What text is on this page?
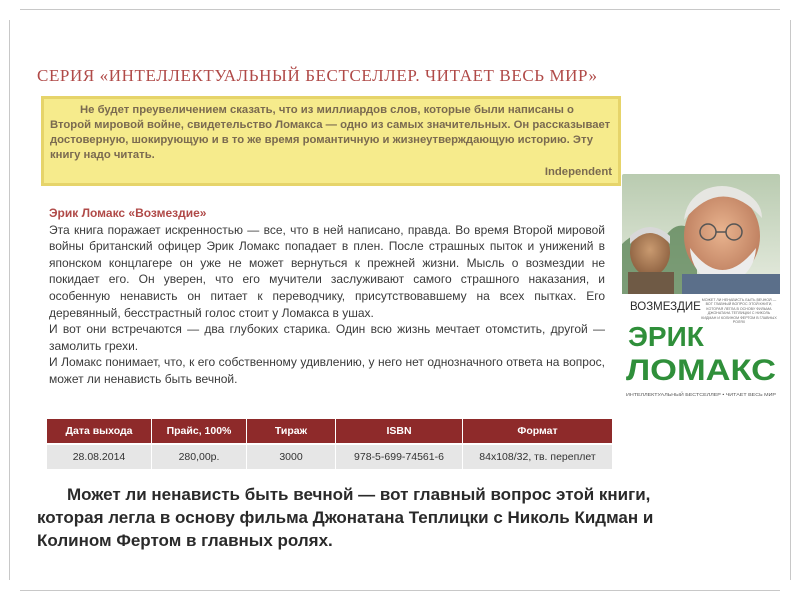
СЕРИЯ «ИНТЕЛЛЕКТУАЛЬНЫЙ БЕСТСЕЛЛЕР. ЧИТАЕТ ВЕСЬ МИР»
Не будет преувеличением сказать, что из миллиардов слов, которые были написаны о Второй мировой войне, свидетельство Ломакса — одно из самых значительных. Он рассказывает достоверную, шокирующую и в то же время романтичную и жизнеутверждающую историю. Эту книгу надо читать.
Independent
Эрик Ломакс «Возмездие»

Эта книга поражает искренностью — все, что в ней написано, правда. Во время Второй мировой войны британский офицер Эрик Ломакс попадает в плен. После страшных пыток и унижений в японском концлагере он уже не может вернуться к прежней жизни. Мысль о возмездии не покидает его. Он уверен, что его мучители заслуживают самого страшного наказания, и особенную ненависть он питает к переводчику, присутствовавшему на всех пытках. Его деревянный, бесстрастный голос стоит у Ломакса в ушах.

И вот они встречаются — два глубоких старика. Один всю жизнь мечтает отомстить, другой — замолить грехи.

И Ломакс понимает, что, к его собственному удивлению, у него нет однозначного ответа на вопрос, может ли ненависть быть вечной.

ВОЗМЕЗДИЕ
ЭРИК
ЛОМАКС
ИНТЕЛЛЕКТУАЛЬНЫЙ БЕСТСЕЛЛЕР • ЧИТАЕТ ВЕСЬ МИР
МОЖЕТ ЛИ НЕНАВИСТЬ БЫТЬ ВЕЧНОЙ — ВОТ ГЛАВНЫЙ ВОПРОС ЭТОЙ КНИГИ, КОТОРАЯ ЛЕГЛА В ОСНОВУ ФИЛЬМА ДЖОНАТАНА ТЕПЛИЦКИ С НИКОЛЬ КИДМАН И КОЛИНОМ ФЕРТОМ В ГЛАВНЫХ РОЛЯХ
Дата выхода	Прайс, 100%	Тираж	ISBN	Формат
28.08.2014	280,00р.	3000	978-5-699-74561-6	84х108/32, тв. переплет
Может ли ненависть быть вечной — вот главный вопрос этой книги, которая легла в основу фильма Джонатана Теплицки с Николь Кидман и Колином Фертом в главных ролях.
